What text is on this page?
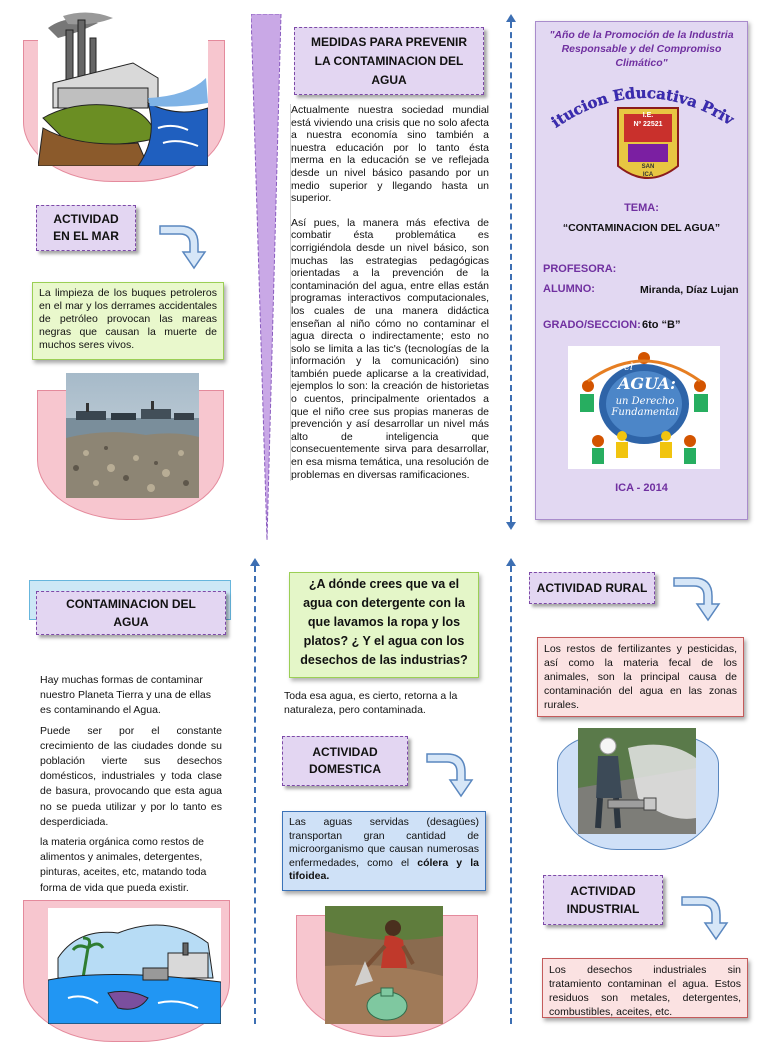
ACTIVIDAD EN EL MAR
La limpieza de los buques petroleros en el mar y los derrames accidentales de petróleo provocan las mareas negras que causan la muerte de muchos seres vivos.
MEDIDAS PARA PREVENIR LA CONTAMINACION DEL AGUA

Actualmente nuestra sociedad mundial está viviendo una crisis que no solo afecta a nuestra economía sino también a nuestra educación por lo tanto ésta merma en la educación se ve reflejada desde un nivel básico pasando por un medio superior y llegando hasta un superior.

Así pues, la manera más efectiva de combatir ésta problemática es corrigiéndola desde un nivel básico, son muchas las estrategias pedagógicas orientadas a la prevención de la contaminación del agua, entre ellas están programas interactivos computacionales, los cuales de una manera didáctica enseñan al niño cómo no contaminar el agua directa o indirectamente; esto no solo se limita a las tic's (tecnologías de la información y la comunicación) sino también puede aplicarse a la creatividad, ejemplos lo son: la creación de historietas o cuentos, principalmente orientados a que el niño cree sus propias maneras de prevención y así desarrollar un nivel más alto de inteligencia que consecuentemente sirva para desarrollar, en esa misma temática, una resolución de problemas en diversas ramificaciones.

"Año de la Promoción de la Industria Responsable y del Compromiso Climático"
itucion Educativa Priv
I.E.
Nº 22521
SAN
ICA
TEMA:
“CONTAMINACION DEL AGUA”
PROFESORA:
ALUMNO:	Miranda, Díaz Lujan
GRADO/SECCION: 6to “B”
el
AGUA:
un Derecho Fundamental
ICA - 2014
CONTAMINACION DEL AGUA

Hay muchas formas de contaminar nuestro Planeta Tierra y una de ellas es contaminando el Agua.

Puede ser por el constante crecimiento de las ciudades donde su población vierte sus desechos domésticos, industriales y toda clase de basura, provocando que esta agua no se pueda utilizar y por lo tanto es desperdiciada.

la materia orgánica como restos de alimentos y animales, detergentes, pinturas, aceites, etc, matando toda forma de vida que pueda existir.

¿A dónde crees que va el agua con detergente con la que lavamos la ropa y los platos? ¿ Y el agua con los desechos de las industrias?
Toda esa agua, es cierto, retorna a la naturaleza, pero contaminada.
ACTIVIDAD DOMESTICA
Las aguas servidas (desagües) transportan gran cantidad de microorganismo que causan numerosas enfermedades, como el cólera y la tifoidea.
ACTIVIDAD RURAL
Los restos de fertilizantes y pesticidas, así como la materia fecal de los animales, son la principal causa de contaminación del agua en las zonas rurales.
ACTIVIDAD INDUSTRIAL
Los desechos industriales sin tratamiento contaminan el agua. Estos residuos son metales, detergentes, combustibles, aceites, etc.
